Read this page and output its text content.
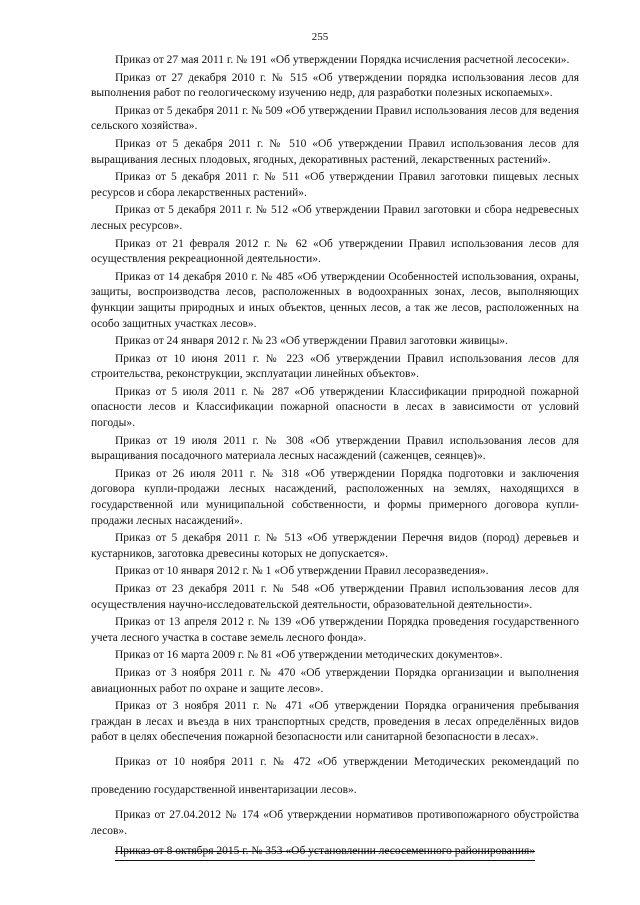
255

Приказ от 27 мая 2011 г. № 191 «Об утверждении Порядка исчисления расчетной лесосеки».

Приказ от 27 декабря 2010 г. № 515 «Об утверждении порядка использования лесов для выполнения работ по геологическому изучению недр, для разработки полезных ископаемых».

Приказ от 5 декабря 2011 г. № 509 «Об утверждении Правил использования лесов для ведения сельского хозяйства».

Приказ от 5 декабря 2011 г. № 510 «Об утверждении Правил использования лесов для выращивания лесных плодовых, ягодных, декоративных растений, лекарственных растений».

Приказ от 5 декабря 2011 г. № 511 «Об утверждении Правил заготовки пищевых лесных ресурсов и сбора лекарственных растений».

Приказ от 5 декабря 2011 г. № 512 «Об утверждении Правил заготовки и сбора недревесных лесных ресурсов».

Приказ от 21 февраля 2012 г. № 62 «Об утверждении Правил использования лесов для осуществления рекреационной деятельности».

Приказ от 14 декабря 2010 г. № 485 «Об утверждении Особенностей использования, охраны, защиты, воспроизводства лесов, расположенных в водоохранных зонах, лесов, выполняющих функции защиты природных и иных объектов, ценных лесов, а так же лесов, расположенных на особо защитных участках лесов».

Приказ от 24 января 2012 г. № 23 «Об утверждении Правил заготовки живицы».

Приказ от 10 июня 2011 г. № 223 «Об утверждении Правил использования лесов для строительства, реконструкции, эксплуатации линейных объектов».

Приказ от 5 июля 2011 г. № 287 «Об утверждении Классификации природной пожарной опасности лесов и Классификации пожарной опасности в лесах в зависимости от условий погоды».

Приказ от 19 июля 2011 г. № 308 «Об утверждении Правил использования лесов для выращивания посадочного материала лесных насаждений (саженцев, сеянцев)».

Приказ от 26 июля 2011 г. № 318 «Об утверждении Порядка подготовки и заключения договора купли-продажи лесных насаждений, расположенных на землях, находящихся в государственной или муниципальной собственности, и формы примерного договора купли-продажи лесных насаждений».

Приказ от 5 декабря 2011 г. № 513 «Об утверждении Перечня видов (пород) деревьев и кустарников, заготовка древесины которых не допускается».

Приказ от 10 января 2012 г. № 1 «Об утверждении Правил лесоразведения».

Приказ от 23 декабря 2011 г. № 548 «Об утверждении Правил использования лесов для осуществления научно-исследовательской деятельности, образовательной деятельности».

Приказ от 13 апреля 2012 г. № 139 «Об утверждении Порядка проведения государственного учета лесного участка в составе земель лесного фонда».

Приказ от 16 марта 2009 г. № 81 «Об утверждении методических документов».

Приказ от 3 ноября 2011 г. № 470 «Об утверждении Порядка организации и выполнения авиационных работ по охране и защите лесов».

Приказ от 3 ноября 2011 г. № 471 «Об утверждении Порядка ограничения пребывания граждан в лесах и въезда в них транспортных средств, проведения в лесах определённых видов работ в целях обеспечения пожарной безопасности или санитарной безопасности в лесах».

Приказ от 10 ноября 2011 г. № 472 «Об утверждении Методических рекомендаций по проведению государственной инвентаризации лесов».

Приказ от 27.04.2012 № 174 «Об утверждении нормативов противопожарного обустройства лесов».

Приказ от 8 октября 2015 г. № 353 «Об установлении лесосеменного районирования»
